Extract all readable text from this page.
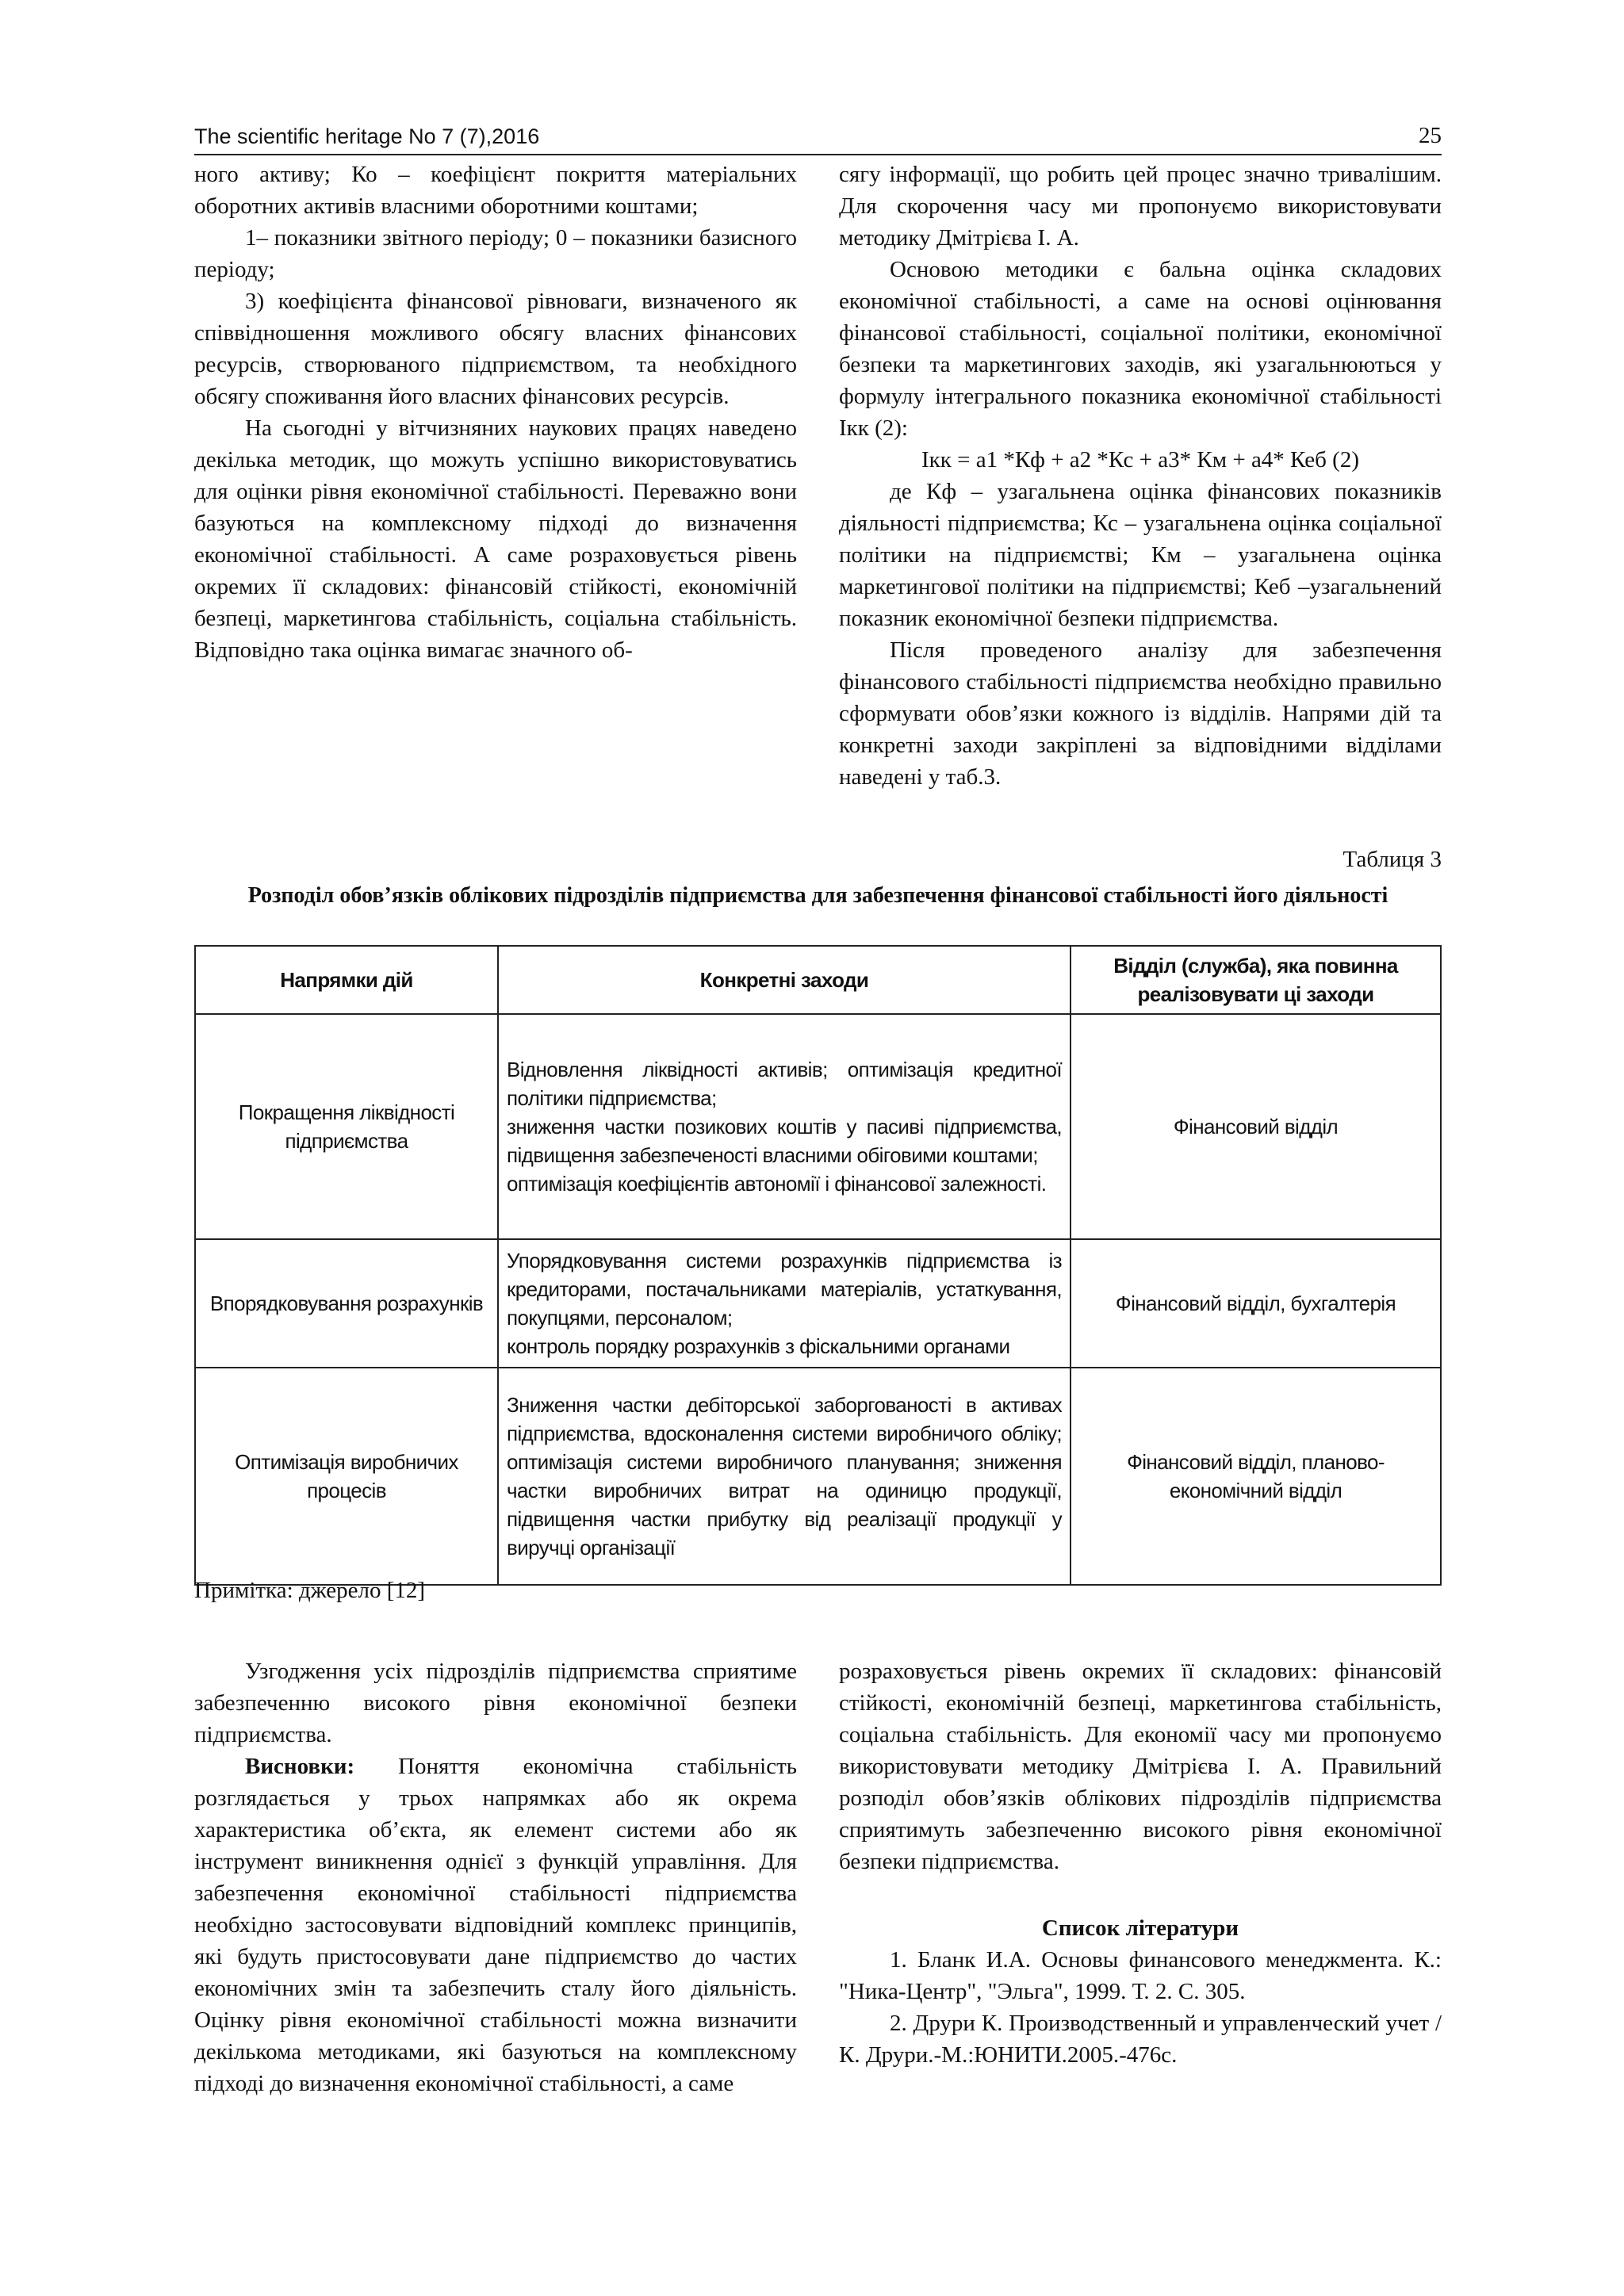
The scientific heritage No 7 (7),2016	25

ного активу; Ко – коефіцієнт покриття матеріальних оборотних активів власними оборотними коштами;

1– показники звітного періоду; 0 – показники базисного періоду;

3) коефіцієнта фінансової рівноваги, визначеного як співвідношення можливого обсягу власних фінансових ресурсів, створюваного підприємством, та необхідного обсягу споживання його власних фінансових ресурсів.

На сьогодні у вітчизняних наукових працях наведено декілька методик, що можуть успішно використовуватись для оцінки рівня економічної стабільності. Переважно вони базуються на комплексному підході до визначення економічної стабільності. А саме розраховується рівень окремих її складових: фінансовій стійкості, економічній безпеці, маркетингова стабільність, соціальна стабільність. Відповідно така оцінка вимагає значного об-

сягу інформації, що робить цей процес значно тривалішим. Для скорочення часу ми пропонуємо використовувати методику Дмітрієва І. А.

Основою методики є бальна оцінка складових економічної стабільності, а саме на основі оцінювання фінансової стабільності, соціальної політики, економічної безпеки та маркетингових заходів, які узагальнюються у формулу інтегрального показника економічної стабільності Ікк (2):

Ікк = а1 *Кф + а2 *Кс + а3* Км + а4* Кеб (2)

де Кф – узагальнена оцінка фінансових показників діяльності підприємства; Кс – узагальнена оцінка соціальної політики на підприємстві; Км – узагальнена оцінка маркетингової політики на підприємстві; Кеб –узагальнений показник економічної безпеки підприємства.

Після проведеного аналізу для забезпечення фінансового стабільності підприємства необхідно правильно сформувати обов’язки кожного із відділів. Напрями дій та конкретні заходи закріплені за відповідними відділами наведені у таб.3.

Таблиця 3
Розподіл обов’язків облікових підрозділів підприємства для забезпечення фінансової стабільності його діяльності
Напрямки дій	Конкретні заходи	Відділ (служба), яка повинна реалізовувати ці заходи
Покращення ліквідності підприємства	Відновлення ліквідності активів; оптимізація кредитної політики підприємства;
зниження частки позикових коштів у пасиві підприємства, підвищення забезпеченості власними обіговими коштами;
оптимізація коефіцієнтів автономії і фінансової залежності.	Фінансовий відділ
Впорядковування розрахунків	Упорядковування системи розрахунків підприємства із кредиторами, постачальниками матеріалів, устаткування, покупцями, персоналом;
контроль порядку розрахунків з фіскальними органами	Фінансовий відділ, бухгалтерія
Оптимізація виробничих процесів	Зниження частки дебіторської заборгованості в активах підприємства, вдосконалення системи виробничого обліку; оптимізація системи виробничого планування; зниження частки виробничих витрат на одиницю продукції, підвищення частки прибутку від реалізації продукції у виручці організації	Фінансовий відділ, планово-економічний відділ
Примітка: джерело [12]

Узгодження усіх підрозділів підприємства сприятиме забезпеченню високого рівня економічної безпеки підприємства.

Висновки: Поняття економічна стабільність розглядається у трьох напрямках або як окрема характеристика об’єкта, як елемент системи або як інструмент виникнення однієї з функцій управління. Для забезпечення економічної стабільності підприємства необхідно застосовувати відповідний комплекс принципів, які будуть пристосовувати дане підприємство до частих економічних змін та забезпечить сталу його діяльність. Оцінку рівня економічної стабільності можна визначити декількома методиками, які базуються на комплексному підході до визначення економічної стабільності, а саме

розраховується рівень окремих її складових: фінансовій стійкості, економічній безпеці, маркетингова стабільність, соціальна стабільність. Для економії часу ми пропонуємо використовувати методику Дмітрієва І. А. Правильний розподіл обов’язків облікових підрозділів підприємства сприятимуть забезпеченню високого рівня економічної безпеки підприємства.

Список літератури

1. Бланк И.А. Основы финансового менеджмента. К.: "Ника-Центр", "Эльга", 1999. Т. 2. С. 305.

2. Друри К. Производственный и управленческий учет / К. Друри.-М.:ЮНИТИ.2005.-476с.
